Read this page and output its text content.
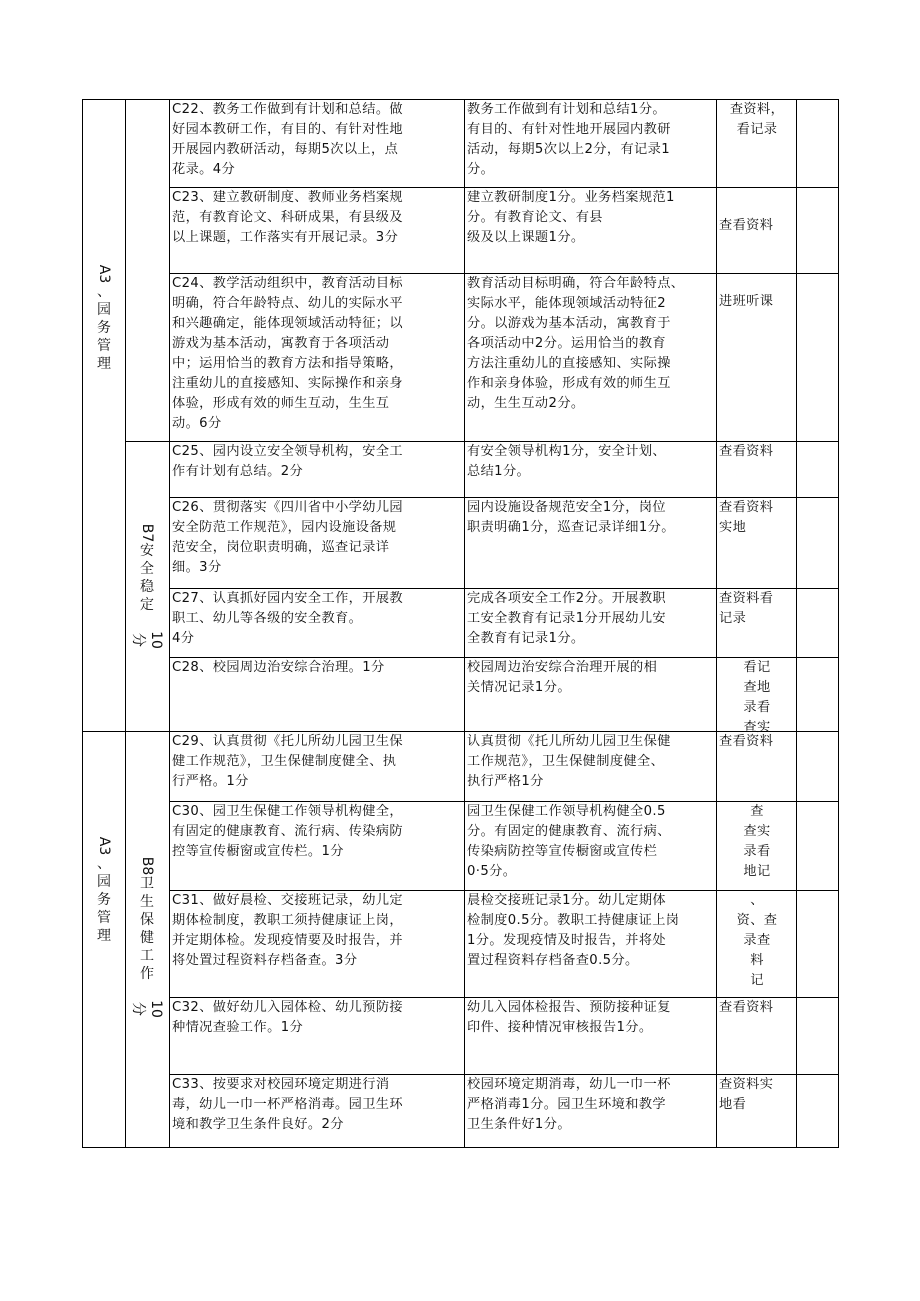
A3
、
园
务
管
理
A3
、
园
务
管
理
B7
安
全
稳
定
10分
B8
卫
生
保
健
工
作
10分
C22、教务工作做到有计划和总结。做
好园本教研工作，有目的、有针对性地
开展园内教研活动，每期5次以上，点
花录。4分
教务工作做到有计划和总结1分。
有目的、有针对性地开展园内教研
活动，每期5次以上2分，有记录1
分。
查资料，
看记录
C23、建立教研制度、教师业务档案规
范，有教育论文、科研成果，有县级及
以上课题，工作落实有开展记录。3分
建立教研制度1分。业务档案规范1
分。有教育论文、有县
级及以上课题1分。
查看资料
C24、教学活动组织中，教育活动目标
明确，符合年龄特点、幼儿的实际水平
和兴趣确定，能体现领域活动特征；以
游戏为基本活动，寓教育于各项活动
中；运用恰当的教育方法和指导策略，
注重幼儿的直接感知、实际操作和亲身
体验，形成有效的师生互动，生生互
动。6分
教育活动目标明确，符合年龄特点、
实际水平，能体现领域活动特征2
分。以游戏为基本活动，寓教育于
各项活动中2分。运用恰当的教育
方法注重幼儿的直接感知、实际操
作和亲身体验，形成有效的师生互
动，生生互动2分。
进班听课
C25、园内设立安全领导机构，安全工
作有计划有总结。2分
有安全领导机构1分，安全计划、
总结1分。
查看资料
C26、贯彻落实《四川省中小学幼儿园
安全防范工作规范》，园内设施设备规
范安全，岗位职责明确，巡查记录详
细。3分
园内设施设备规范安全1分，岗位
职责明确1分，巡查记录详细1分。
查看资料
实地
C27、认真抓好园内安全工作，开展教
职工、幼儿等各级的安全教育。
4分
完成各项安全工作2分。开展教职
工安全教育有记录1分开展幼儿安
全教育有记录1分。
查资料看
记录
C28、校园周边治安综合治理。1分	校园周边治安综合治理开展的相
关情况记录1分。
看记
查地
录看
查实
C29、认真贯彻《托儿所幼儿园卫生保
健工作规范》，卫生保健制度健全、执
行严格。1分
认真贯彻《托儿所幼儿园卫生保健
工作规范》，卫生保健制度健全、
执行严格1分
查看资料
C30、园卫生保健工作领导机构健全，
有固定的健康教育、流行病、传染病防
控等宣传橱窗或宣传栏。1分
园卫生保健工作领导机构健全0.5
分。有固定的健康教育、流行病、
传染病防控等宣传橱窗或宣传栏
0·5分。
查
查实
录看
地记
C31、做好晨检、交接班记录，幼儿定
期体检制度，教职工须持健康证上岗，
并定期体检。发现疫情要及时报告，并
将处置过程资料存档备查。3分
晨检交接班记录1分。幼儿定期体
检制度0.5分。教职工持健康证上岗
1分。发现疫情及时报告，并将处
置过程资料存档备查0.5分。
、
资、查
录查
料
记
C32、做好幼儿入园体检、幼儿预防接
种情况查验工作。1分
幼儿入园体检报告、预防接种证复
印件、接种情况审核报告1分。
查看资料
C33、按要求对校园环境定期进行消
毒，幼儿一巾一杯严格消毒。园卫生环
境和教学卫生条件良好。2分
校园环境定期消毒，幼儿一巾一杯
严格消毒1分。园卫生环境和教学
卫生条件好1分。
查资料实
地看
